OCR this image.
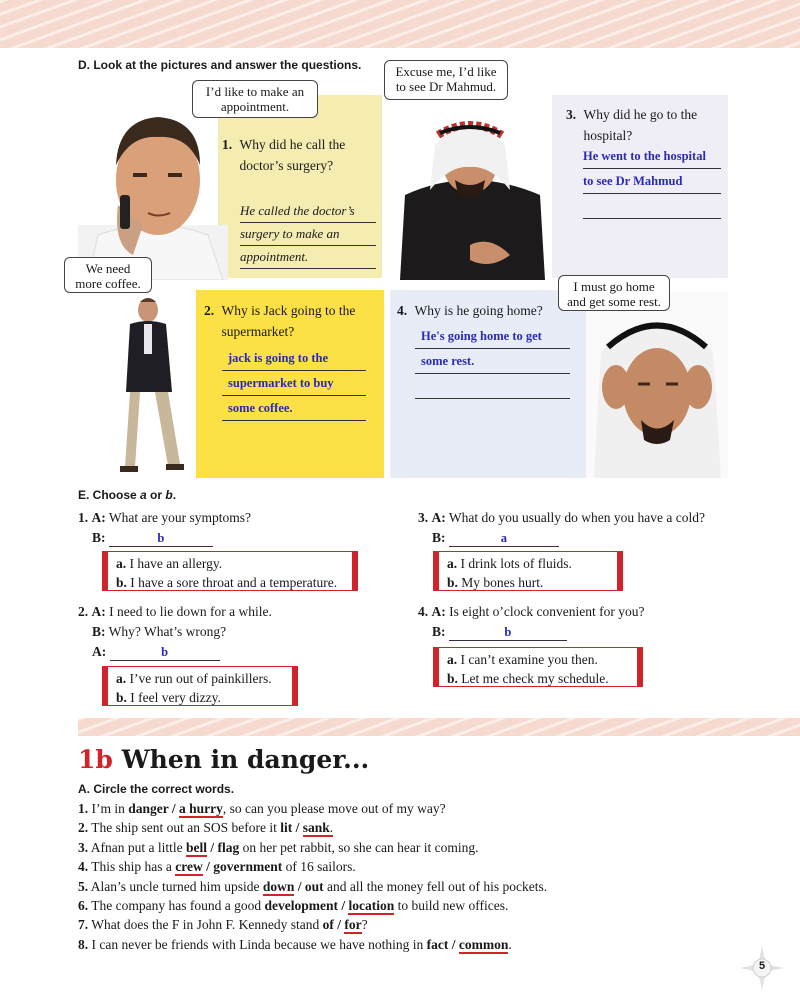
D. Look at the pictures and answer the questions.
I’d like to make an appointment.
1. Why did he call the doctor’s surgery?
He called the doctor’s
surgery to make an
appointment.
Excuse me, I’d like to see Dr Mahmud.
3. Why did he go to the hospital?
He went to the hospital
to see Dr Mahmud
We need more coffee.
2. Why is Jack going to the supermarket?
jack is going to the
supermarket to buy
some coffee.
4. Why is he going home?
He's going home to get
some rest.
I must go home and get some rest.
E. Choose a or b.
1. A: What are your symptoms?
B:	b
a. I have an allergy.
b. I have a sore throat and a temperature.
2. A: I need to lie down for a while.
B: Why? What’s wrong?
A:	b
a. I’ve run out of painkillers.
b. I feel very dizzy.
3. A: What do you usually do when you have a cold?
B:	a
a. I drink lots of fluids.
b. My bones hurt.
4. A: Is eight o’clock convenient for you?
B:	b
a. I can’t examine you then.
b. Let me check my schedule.
1b When in danger...
A. Circle the correct words.
1. I’m in danger / a hurry, so can you please move out of my way?
2. The ship sent out an SOS before it lit / sank.
3. Afnan put a little bell / flag on her pet rabbit, so she can hear it coming.
4. This ship has a crew / government of 16 sailors.
5. Alan’s uncle turned him upside down / out and all the money fell out of his pockets.
6. The company has found a good development / location to build new offices.
7. What does the F in John F. Kennedy stand of / for?
8. I can never be friends with Linda because we have nothing in fact / common.
5
